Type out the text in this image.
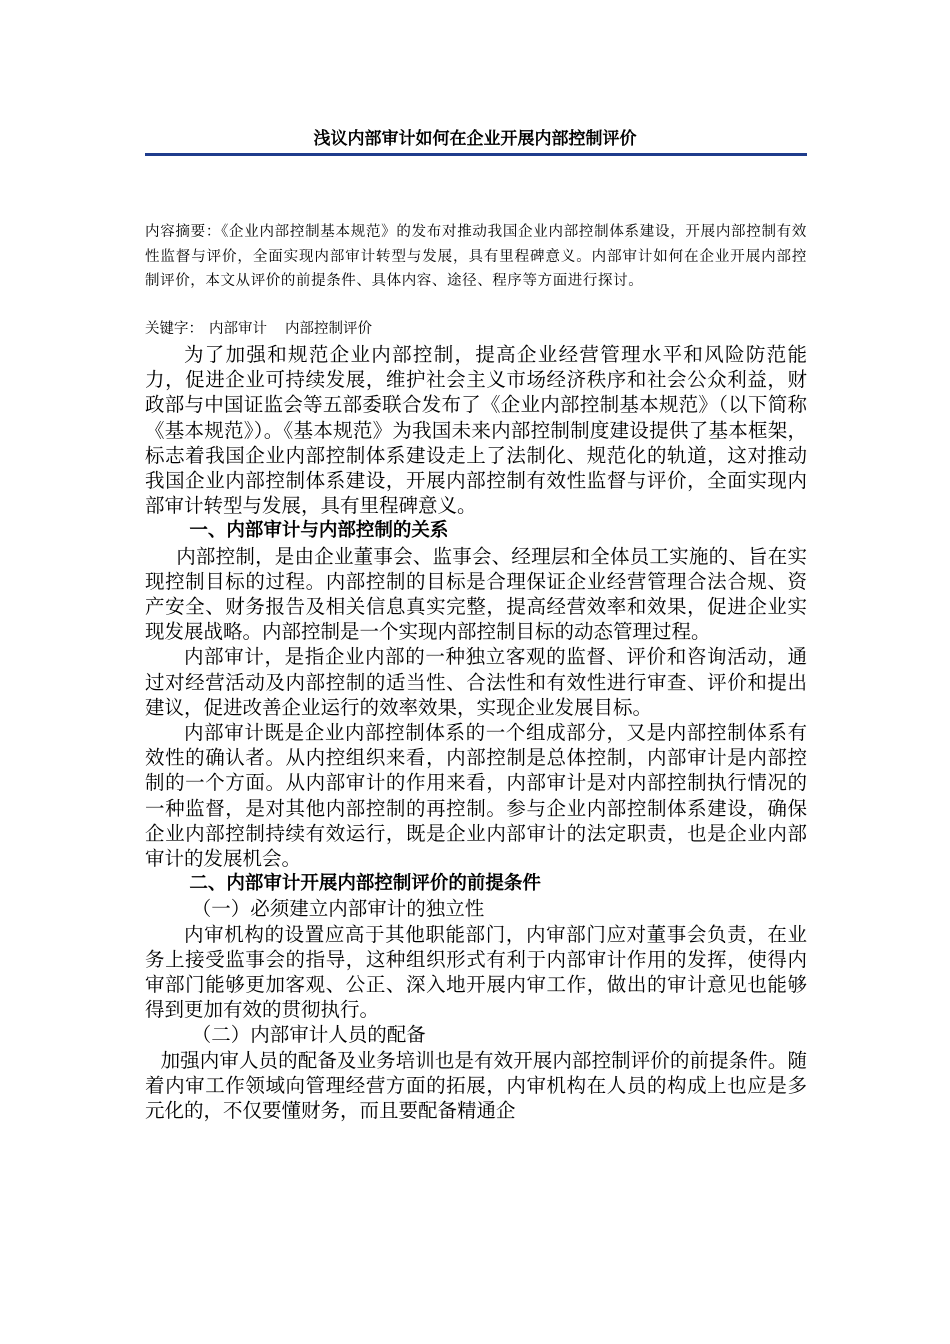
浅议内部审计如何在企业开展内部控制评价
内容摘要：《企业内部控制基本规范》的发布对推动我国企业内部控制体系建设，开展内部控制有效性监督与评价，全面实现内部审计转型与发展，具有里程碑意义。内部审计如何在企业开展内部控制评价，本文从评价的前提条件、具体内容、途径、程序等方面进行探讨。
关键字： 内部审计 内部控制评价

为了加强和规范企业内部控制，提高企业经营管理水平和风险防范能力，促进企业可持续发展，维护社会主义市场经济秩序和社会公众利益，财政部与中国证监会等五部委联合发布了《企业内部控制基本规范》（以下简称《基本规范》）。《基本规范》为我国未来内部控制制度建设提供了基本框架，标志着我国企业内部控制体系建设走上了法制化、规范化的轨道，这对推动我国企业内部控制体系建设，开展内部控制有效性监督与评价，全面实现内部审计转型与发展，具有里程碑意义。

一、内部审计与内部控制的关系

内部控制，是由企业董事会、监事会、经理层和全体员工实施的、旨在实现控制目标的过程。内部控制的目标是合理保证企业经营管理合法合规、资产安全、财务报告及相关信息真实完整，提高经营效率和效果，促进企业实现发展战略。内部控制是一个实现内部控制目标的动态管理过程。

内部审计，是指企业内部的一种独立客观的监督、评价和咨询活动，通过对经营活动及内部控制的适当性、合法性和有效性进行审查、评价和提出建议，促进改善企业运行的效率效果，实现企业发展目标。

内部审计既是企业内部控制体系的一个组成部分，又是内部控制体系有效性的确认者。从内控组织来看，内部控制是总体控制，内部审计是内部控制的一个方面。从内部审计的作用来看，内部审计是对内部控制执行情况的一种监督，是对其他内部控制的再控制。参与企业内部控制体系建设，确保企业内部控制持续有效运行，既是企业内部审计的法定职责，也是企业内部审计的发展机会。

二、内部审计开展内部控制评价的前提条件
（一）必须建立内部审计的独立性

内审机构的设置应高于其他职能部门，内审部门应对董事会负责，在业务上接受监事会的指导，这种组织形式有利于内部审计作用的发挥，使得内审部门能够更加客观、公正、深入地开展内审工作，做出的审计意见也能够得到更加有效的贯彻执行。

（二）内部审计人员的配备

加强内审人员的配备及业务培训也是有效开展内部控制评价的前提条件。随着内审工作领域向管理经营方面的拓展，内审机构在人员的构成上也应是多元化的，不仅要懂财务，而且要配备精通企
